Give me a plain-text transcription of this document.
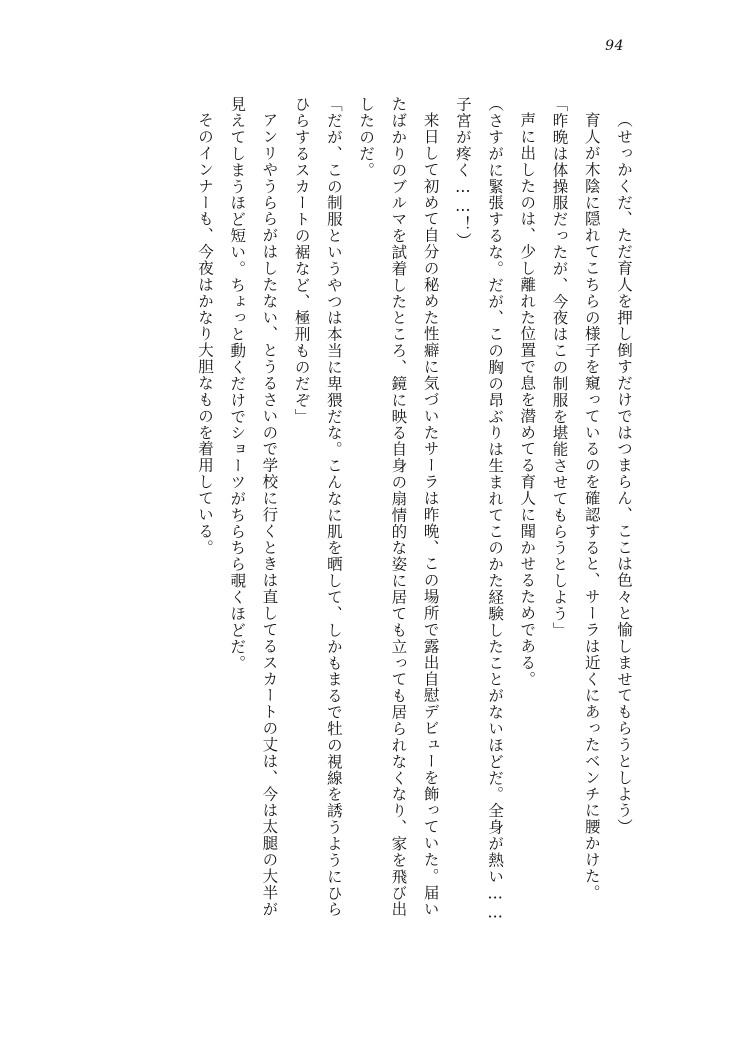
94

（せっかくだ、ただ育人を押し倒すだけではつまらん、ここは色々と愉しませてもらうとしよう）

育人が木陰に隠れてこちらの様子を窺っているのを確認すると、サーラは近くにあったベンチに腰かけた。

「昨晩は体操服だったが、今夜はこの制服を堪能させてもらうとしよう」

声に出したのは、少し離れた位置で息を潜めてる育人に聞かせるためである。

（さすがに緊張するな。だが、この胸の昂ぶりは生まれてこのかた経験したことがないほどだ。全身が熱い……子宮が疼く……！）

来日して初めて自分の秘めた性癖に気づいたサーラは昨晩、この場所で露出自慰デビューを飾っていた。届いたばかりのブルマを試着したところ、鏡に映る自身の扇情的な姿に居ても立っても居られなくなり、家を飛び出したのだ。

「だが、この制服というやつは本当に卑猥だな。こんなに肌を晒して、しかもまるで牡の視線を誘うようにひらひらするスカートの裾など、極刑ものだぞ」

アンリやうららがはしたない、とうるさいので学校に行くときは直してるスカートの丈は、今は太腿の大半が見えてしまうほど短い。ちょっと動くだけでショーツがちらちら覗くほどだ。

そのインナーも、今夜はかなり大胆なものを着用している。
